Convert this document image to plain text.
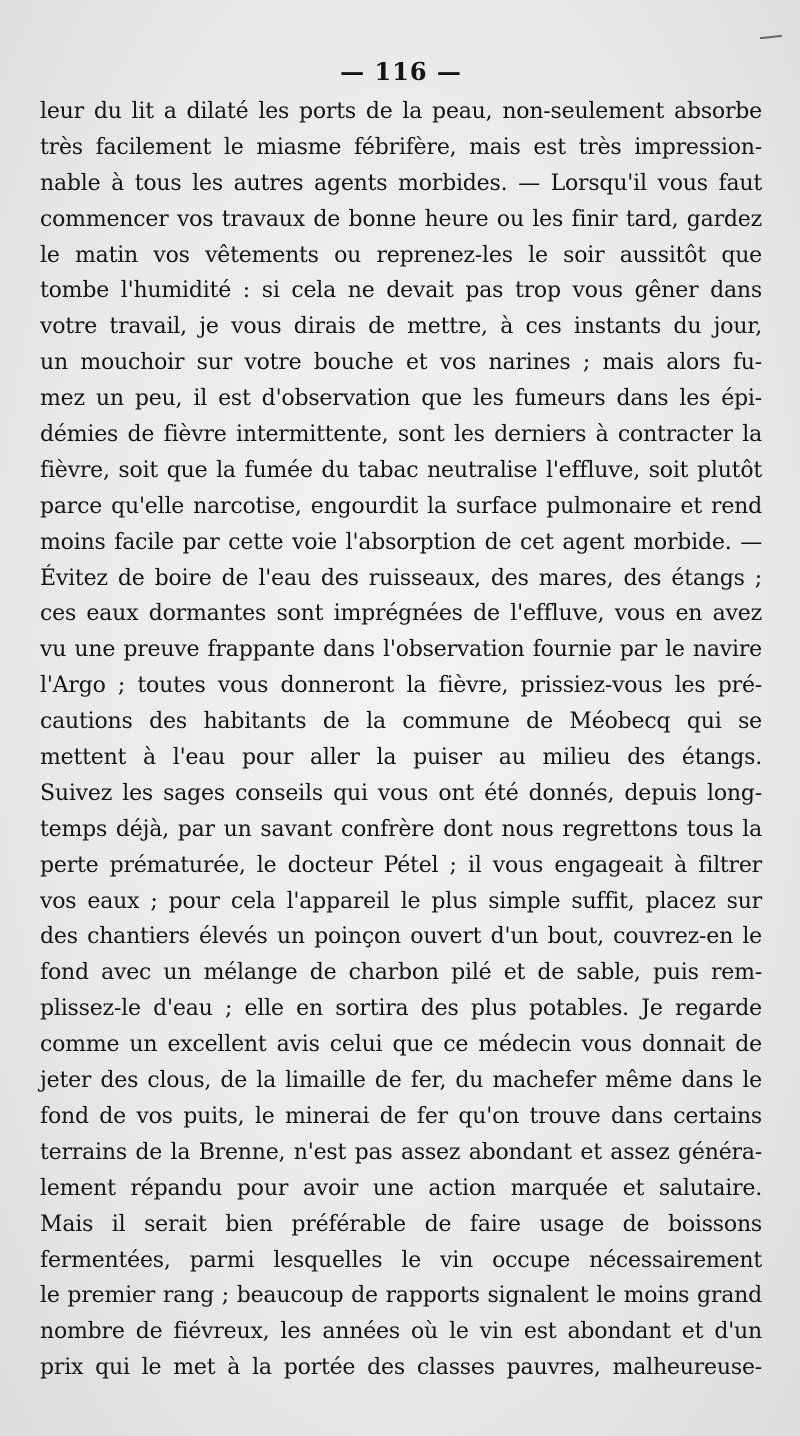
— 116 —
leur du lit a dilaté les ports de la peau, non-seulement absorbe
très facilement le miasme fébrifère, mais est très impression-
nable à tous les autres agents morbides. — Lorsqu'il vous faut
commencer vos travaux de bonne heure ou les finir tard, gardez
le matin vos vêtements ou reprenez-les le soir aussitôt que
tombe l'humidité : si cela ne devait pas trop vous gêner dans
votre travail, je vous dirais de mettre, à ces instants du jour,
un mouchoir sur votre bouche et vos narines ; mais alors fu-
mez un peu, il est d'observation que les fumeurs dans les épi-
démies de fièvre intermittente, sont les derniers à contracter la
fièvre, soit que la fumée du tabac neutralise l'effluve, soit plutôt
parce qu'elle narcotise, engourdit la surface pulmonaire et rend
moins facile par cette voie l'absorption de cet agent morbide. —
Évitez de boire de l'eau des ruisseaux, des mares, des étangs ;
ces eaux dormantes sont imprégnées de l'effluve, vous en avez
vu une preuve frappante dans l'observation fournie par le navire
l'Argo ; toutes vous donneront la fièvre, prissiez-vous les pré-
cautions des habitants de la commune de Méobecq qui se
mettent à l'eau pour aller la puiser au milieu des étangs.
Suivez les sages conseils qui vous ont été donnés, depuis long-
temps déjà, par un savant confrère dont nous regrettons tous la
perte prématurée, le docteur Pétel ; il vous engageait à filtrer
vos eaux ; pour cela l'appareil le plus simple suffit, placez sur
des chantiers élevés un poinçon ouvert d'un bout, couvrez-en le
fond avec un mélange de charbon pilé et de sable, puis rem-
plissez-le d'eau ; elle en sortira des plus potables. Je regarde
comme un excellent avis celui que ce médecin vous donnait de
jeter des clous, de la limaille de fer, du machefer même dans le
fond de vos puits, le minerai de fer qu'on trouve dans certains
terrains de la Brenne, n'est pas assez abondant et assez généra-
lement répandu pour avoir une action marquée et salutaire.
Mais il serait bien préférable de faire usage de boissons
fermentées, parmi lesquelles le vin occupe nécessairement
le premier rang ; beaucoup de rapports signalent le moins grand
nombre de fiévreux, les années où le vin est abondant et d'un
prix qui le met à la portée des classes pauvres, malheureuse-
